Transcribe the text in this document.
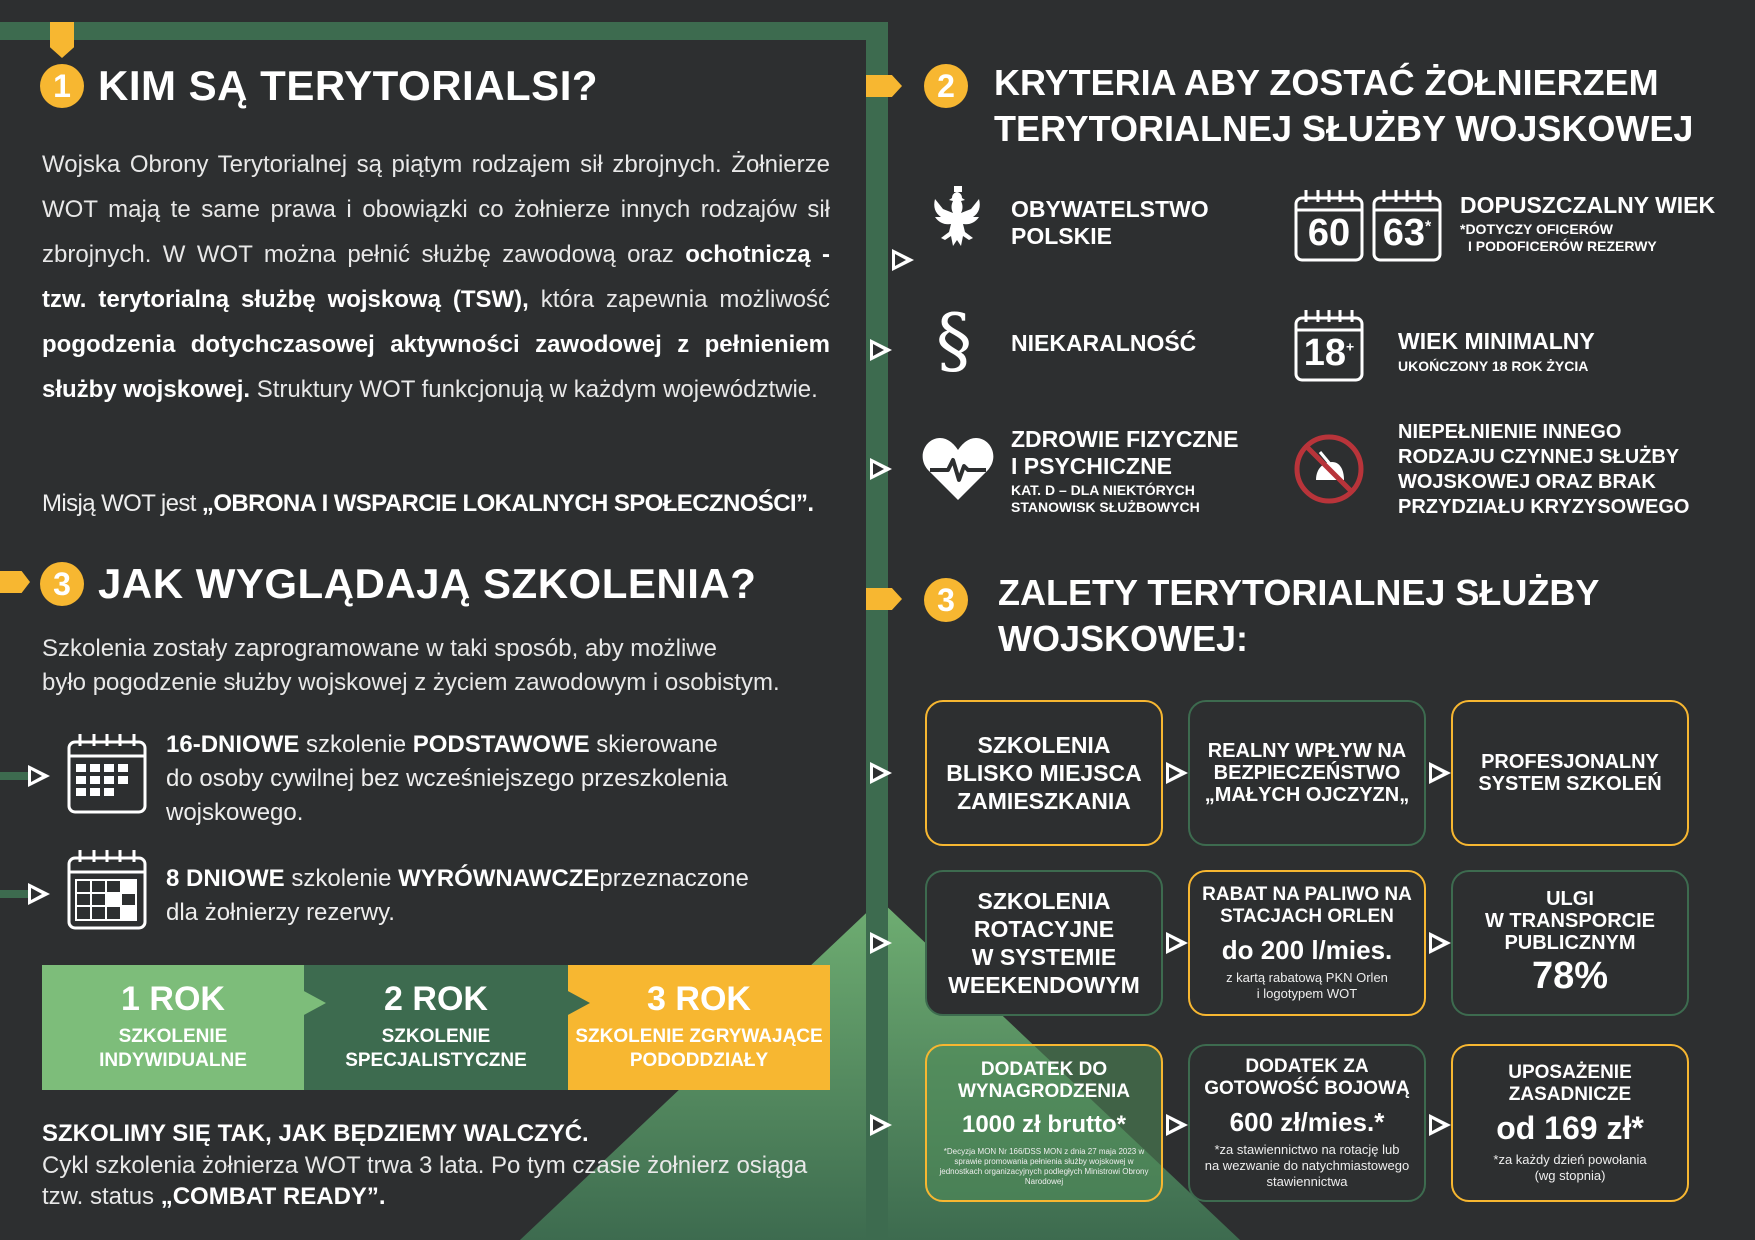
1 KIM SĄ TERYTORIALSI?
Wojska Obrony Terytorialnej są piątym rodzajem sił zbrojnych. Żołnierze WOT mają te same prawa i obowiązki co żołnierze innych rodzajów sił zbrojnych. W WOT można pełnić służbę zawodową oraz ochotniczą - tzw. terytorialną służbę wojskową (TSW), która zapewnia możliwość pogodzenia dotychczasowej aktywności zawodowej z pełnieniem służby wojskowej. Struktury WOT funkcjonują w każdym województwie.
Misją WOT jest „OBRONA I WSPARCIE LOKALNYCH SPOŁECZNOŚCI”.
3 JAK WYGLĄDAJĄ SZKOLENIA?
Szkolenia zostały zaprogramowane w taki sposób, aby możliwe
było pogodzenie służby wojskowej z życiem zawodowym i osobistym.
16-DNIOWE szkolenie PODSTAWOWE skierowane
do osoby cywilnej bez wcześniejszego przeszkolenia
wojskowego.
8 DNIOWE szkolenie WYRÓWNAWCZEprzeznaczone
dla żołnierzy rezerwy.
1 ROK
SZKOLENIE
INDYWIDUALNE
2 ROK
SZKOLENIE
SPECJALISTYCZNE
3 ROK
SZKOLENIE ZGRYWAJĄCE
PODODDZIAŁY
SZKOLIMY SIĘ TAK, JAK BĘDZIEMY WALCZYĆ.
Cykl szkolenia żołnierza WOT trwa 3 lata. Po tym czasie żołnierz osiąga
tzw. status „COMBAT READY”.
2	KRYTERIA ABY ZOSTAĆ ŻOŁNIERZEM
TERYTORIALNEJ SŁUŻBY WOJSKOWEJ
OBYWATELSTWO
POLSKIE	60 63*
DOPUSZCZALNY WIEK
*DOTYCZY OFICERÓW
I PODOFICERÓW REZERWY
§ NIEKARALNOŚĆ	18+	WIEK MINIMALNY
UKOŃCZONY 18 ROK ŻYCIA
ZDROWIE FIZYCZNE
I PSYCHICZNE
KAT. D – DLA NIEKTÓRYCH
STANOWISK SŁUŻBOWYCH
NIEPEŁNIENIE INNEGO
RODZAJU CZYNNEJ SŁUŻBY
WOJSKOWEJ ORAZ BRAK
PRZYDZIAŁU KRYZYSOWEGO
3	ZALETY TERYTORIALNEJ SŁUŻBY
WOJSKOWEJ:
SZKOLENIA
BLISKO MIEJSCA
ZAMIESZKANIA
REALNY WPŁYW NA
BEZPIECZEŃSTWO
„MAŁYCH OJCZYZN„
PROFESJONALNY
SYSTEM SZKOLEŃ
SZKOLENIA
ROTACYJNE
W SYSTEMIE
WEEKENDOWYM
RABAT NA PALIWO NA
STACJACH ORLEN
do 200 l/mies.
z kartą rabatową PKN Orlen
i logotypem WOT
ULGI
W TRANSPORCIE
PUBLICZNYM
78%
DODATEK DO
WYNAGRODZENIA
1000 zł brutto*
*Decyzja MON Nr 166/DSS MON z dnia 27 maja 2023 w sprawie promowania pełnienia służby wojskowej w jednostkach organizacyjnych podległych Ministrowi Obrony Narodowej
DODATEK ZA
GOTOWOŚĆ BOJOWĄ
600 zł/mies.*
*za stawiennictwo na rotację lub
na wezwanie do natychmiastowego
stawiennictwa
UPOSAŻENIE
ZASADNICZE
od 169 zł*
*za każdy dzień powołania
(wg stopnia)
